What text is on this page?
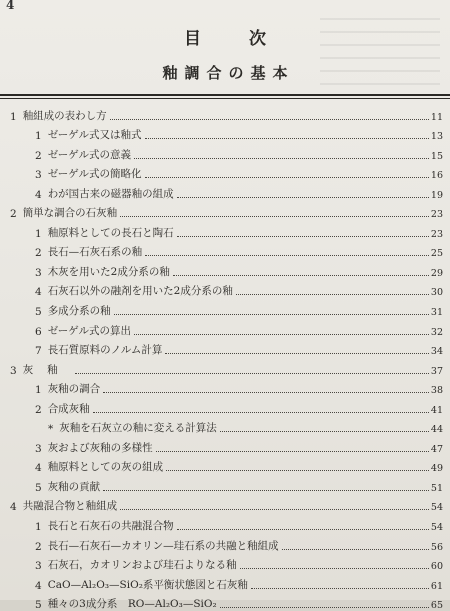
4
目次
釉調合の基本
1 釉組成の表わし方	11
1 ゼーゲル式又は釉式	13
2 ゼーゲル式の意義	15
3 ゼーゲル式の簡略化	16
4 わが国古来の磁器釉の組成	19
2 簡単な調合の石灰釉	23
1 釉原料としての長石と陶石	23
2 長石—石灰石系の釉	25
3 木灰を用いた2成分系の釉	29
4 石灰石以外の融剤を用いた2成分系の釉	30
5 多成分系の釉	31
6 ゼーゲル式の算出	32
7 長石質原料のノルム計算	34
3 灰釉	37
1 灰釉の調合	38
2 合成灰釉	41
* 灰釉を石灰立の釉に変える計算法	44
3 灰および灰釉の多様性	47
4 釉原料としての灰の組成	49
5 灰釉の貢献	51
4 共融混合物と釉組成	54
1 長石と石灰石の共融混合物	54
2 長石—石灰石—カオリン—珪石系の共融と釉組成	56
3 石灰石，カオリンおよび珪石よりなる釉	60
4 CaO—Al₂O₃—SiO₂系平衡状態図と石灰釉	61
5 種々の3成分系　RO—Al₂O₃—SiO₂	65
